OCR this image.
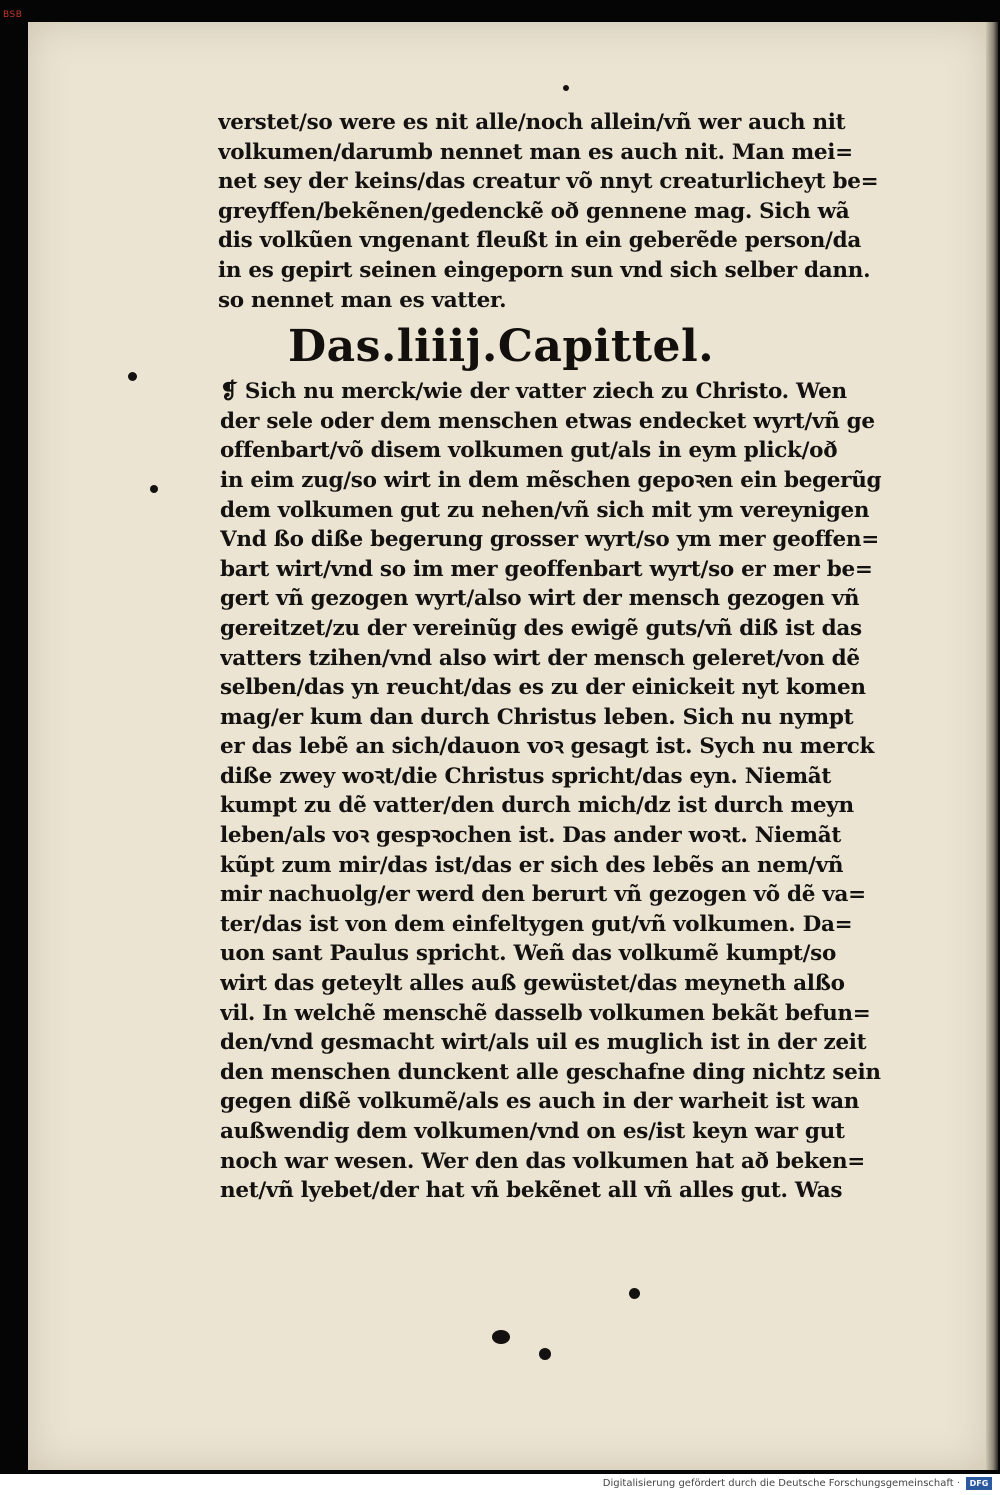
BSB
verstet/so were es nit alle/noch allein/vñ wer auch nit
volkumen/darumb nennet man es auch nit. Man mei=
net sey der keins/das creatur võ nnyt creaturlicheyt be=
greyffen/bekẽnen/gedenckẽ oð gennene mag. Sich wã
dis volkũen vngenant fleußt in ein geberẽde person/da
in es gepirt seinen eingeporn sun vnd sich selber dann.
so nennet man es vatter.
Das.liiij.Capittel.
❡ Sich nu merck/wie der vatter ziech zu Christo. Wen
der sele oder dem menschen etwas endecket wyrt/vñ ge
offenbart/võ disem volkumen gut/als in eym plick/oð
in eim zug/so wirt in dem mẽschen gepoꝛen ein begerũg
dem volkumen gut zu nehen/vñ sich mit ym vereynigen
Vnd ßo diße begerung grosser wyrt/so ym mer geoffen=
bart wirt/vnd so im mer geoffenbart wyrt/so er mer be=
gert vñ gezogen wyrt/also wirt der mensch gezogen vñ
gereitzet/zu der vereinũg des ewigẽ guts/vñ diß ist das
vatters tzihen/vnd also wirt der mensch geleret/von dẽ
selben/das yn reucht/das es zu der einickeit nyt komen
mag/er kum dan durch Christus leben. Sich nu nympt
er das lebẽ an sich/dauon voꝛ gesagt ist. Sych nu merck
diße zwey woꝛt/die Christus spricht/das eyn. Niemãt
kumpt zu dẽ vatter/den durch mich/dz ist durch meyn
leben/als voꝛ gespꝛochen ist. Das ander woꝛt. Niemãt
kũpt zum mir/das ist/das er sich des lebẽs an nem/vñ
mir nachuolg/er werd den berurt vñ gezogen võ dẽ va=
ter/das ist von dem einfeltygen gut/vñ volkumen. Da=
uon sant Paulus spricht. Weñ das volkumẽ kumpt/so
wirt das geteylt alles auß gewüstet/das meyneth alßo
vil. In welchẽ menschẽ dasselb volkumen bekãt befun=
den/vnd gesmacht wirt/als uil es muglich ist in der zeit
den menschen dunckent alle geschafne ding nichtz sein
gegen dißẽ volkumẽ/als es auch in der warheit ist wan
außwendig dem volkumen/vnd on es/ist keyn war gut
noch war wesen. Wer den das volkumen hat að beken=
net/vñ lyebet/der hat vñ bekẽnet all vñ alles gut. Was
Digitalisierung gefördert durch die Deutsche Forschungsgemeinschaft ·	DFG
